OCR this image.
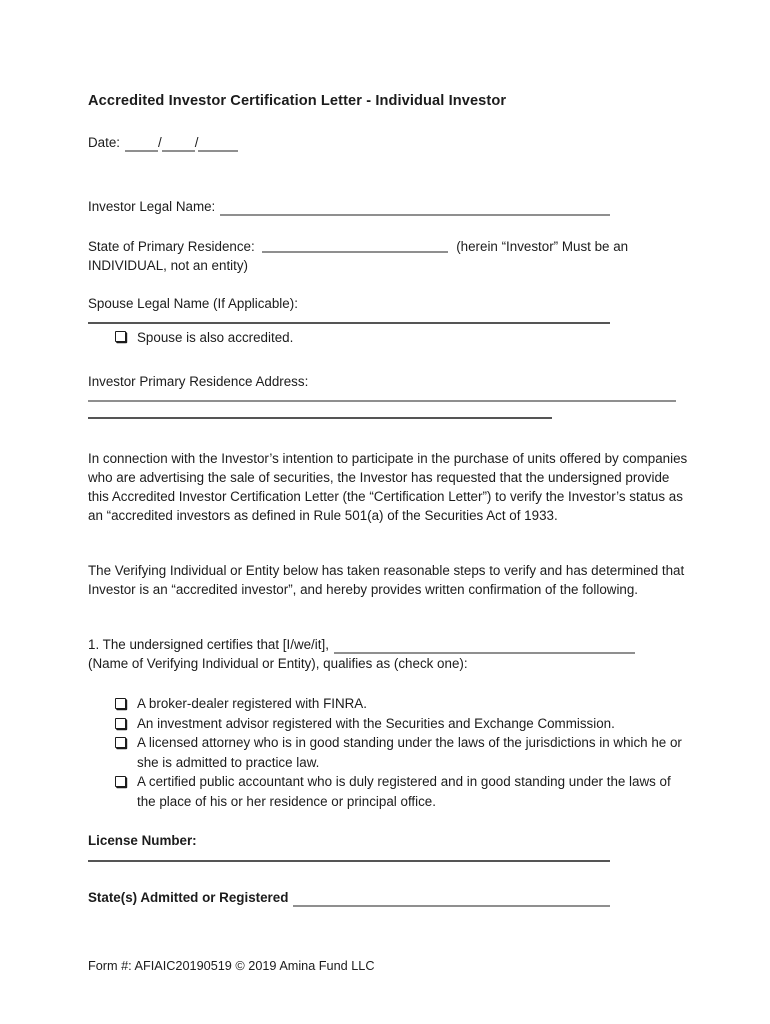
Accredited Investor Certification Letter - Individual Investor
Date:	/ /
Investor Legal Name:

State of Primary Residence:	(herein “Investor” Must be an INDIVIDUAL, not an entity)

Spouse Legal Name (If Applicable):
Spouse is also accredited.
Investor Primary Residence Address:

In connection with the Investor’s intention to participate in the purchase of units offered by companies who are advertising the sale of securities, the Investor has requested that the undersigned provide this Accredited Investor Certification Letter (the “Certification Letter”) to verify the Investor’s status as an “accredited investors as defined in Rule 501(a) of the Securities Act of 1933.

The Verifying Individual or Entity below has taken reasonable steps to verify and has determined that Investor is an “accredited investor”, and hereby provides written confirmation of the following.

1. The undersigned certifies that [I/we/it],
(Name of Verifying Individual or Entity), qualifies as (check one):
A broker-dealer registered with FINRA.
An investment advisor registered with the Securities and Exchange Commission.
A licensed attorney who is in good standing under the laws of the jurisdictions in which he or she is admitted to practice law.
A certified public accountant who is duly registered and in good standing under the laws of the place of his or her residence or principal office.
License Number:
State(s) Admitted or Registered
Form #: AFIAIC20190519 © 2019 Amina Fund LLC
